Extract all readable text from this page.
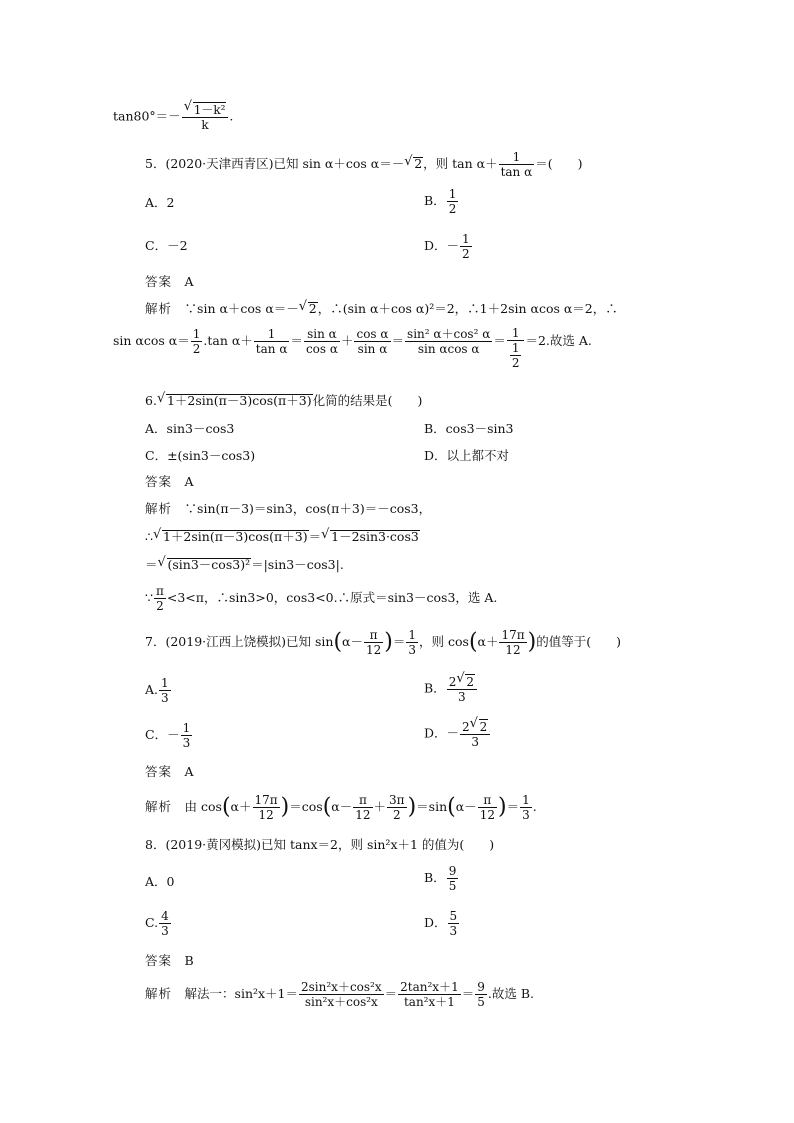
tan80°＝－ √ $\frac{\text{1－k²}}{k}$ .
5．(2020·天津西青区)已知 sin α＋cos α＝－ √ 2，则 $\tan \alpha+ \frac{1}{\text{tan α}}$ ＝(　　)
A．2	B． $\frac{1}{2}$
C．－2	D．－ $\frac{1}{2}$
答案　 A
解析　 ∵sin α＋cos α＝－ √ 2，∴(sin α＋cos α)²＝2，∴1＋2sin αcos α＝2，∴
sin αcos $\alpha= \frac{1}{2} .\tan$ $\alpha+ \frac{1}{\text{tan α}} = \frac{\text{sin α}}{\text{cos α}} + \frac{\text{cos α}}{\text{sin α}} = \frac{\text{sin² α＋cos² α}}{\text{sin αcos α}} = \frac{1}{\frac{1}{2}} =2$.故选 A.
6. √ 1＋2sin(π－3)cos(π＋3)化简的结果是(　　)
A．sin3－cos3	B．cos3－sin3
C．±(sin3－cos3)	D．以上都不对
答案　 A
解析　 ∵sin(π－3)＝sin3，cos(π＋3)＝－cos3，
∴ √ 1＋2sin(π－3)cos(π＋3)＝ √ 1－2sin3·cos3
＝ √ (sin3－cos3)²＝|sin3－cos3|.
∵ $\frac{\pi}{2} <3<\pi$，∴sin3>0，cos3<0.∴原式＝sin3－cos3，选 A.
7．(2019·江西上饶模拟)已知 $\sin(\alpha- \frac{\pi}{12}$ )＝ $\frac{1}{3}$ ，则 $\cos(\alpha+ \frac{17\pi}{12}$ )的值等于(　　)
A. $\frac{1}{3}$	B． $\frac{2 √ 2}{3}$
C．－ $\frac{1}{3}$	D．－ $\frac{2 √ 2}{3}$
答案　 A
解析　 由 $\cos(\alpha+ \frac{17\pi}{12} )=\cos(\alpha- \frac{\pi}{12} + \frac{3\pi}{2} )=\sin(\alpha- \frac{\pi}{12}$ )＝ $\frac{1}{3}$ .
8．(2019·黄冈模拟)已知 tanx＝2，则 sin²x＋1 的值为(　　)
A．0	B． $\frac{9}{5}$
C. $\frac{4}{3}$	D． $\frac{5}{3}$
答案　 B
解析　 解法一：$\sin^2x+1= \frac{\text{2sin²x＋cos²x}}{\text{sin²x＋cos²x}} = \frac{\text{2tan²x＋1}}{\text{tan²x＋1}} = \frac{9}{5}$ .故选 B.
